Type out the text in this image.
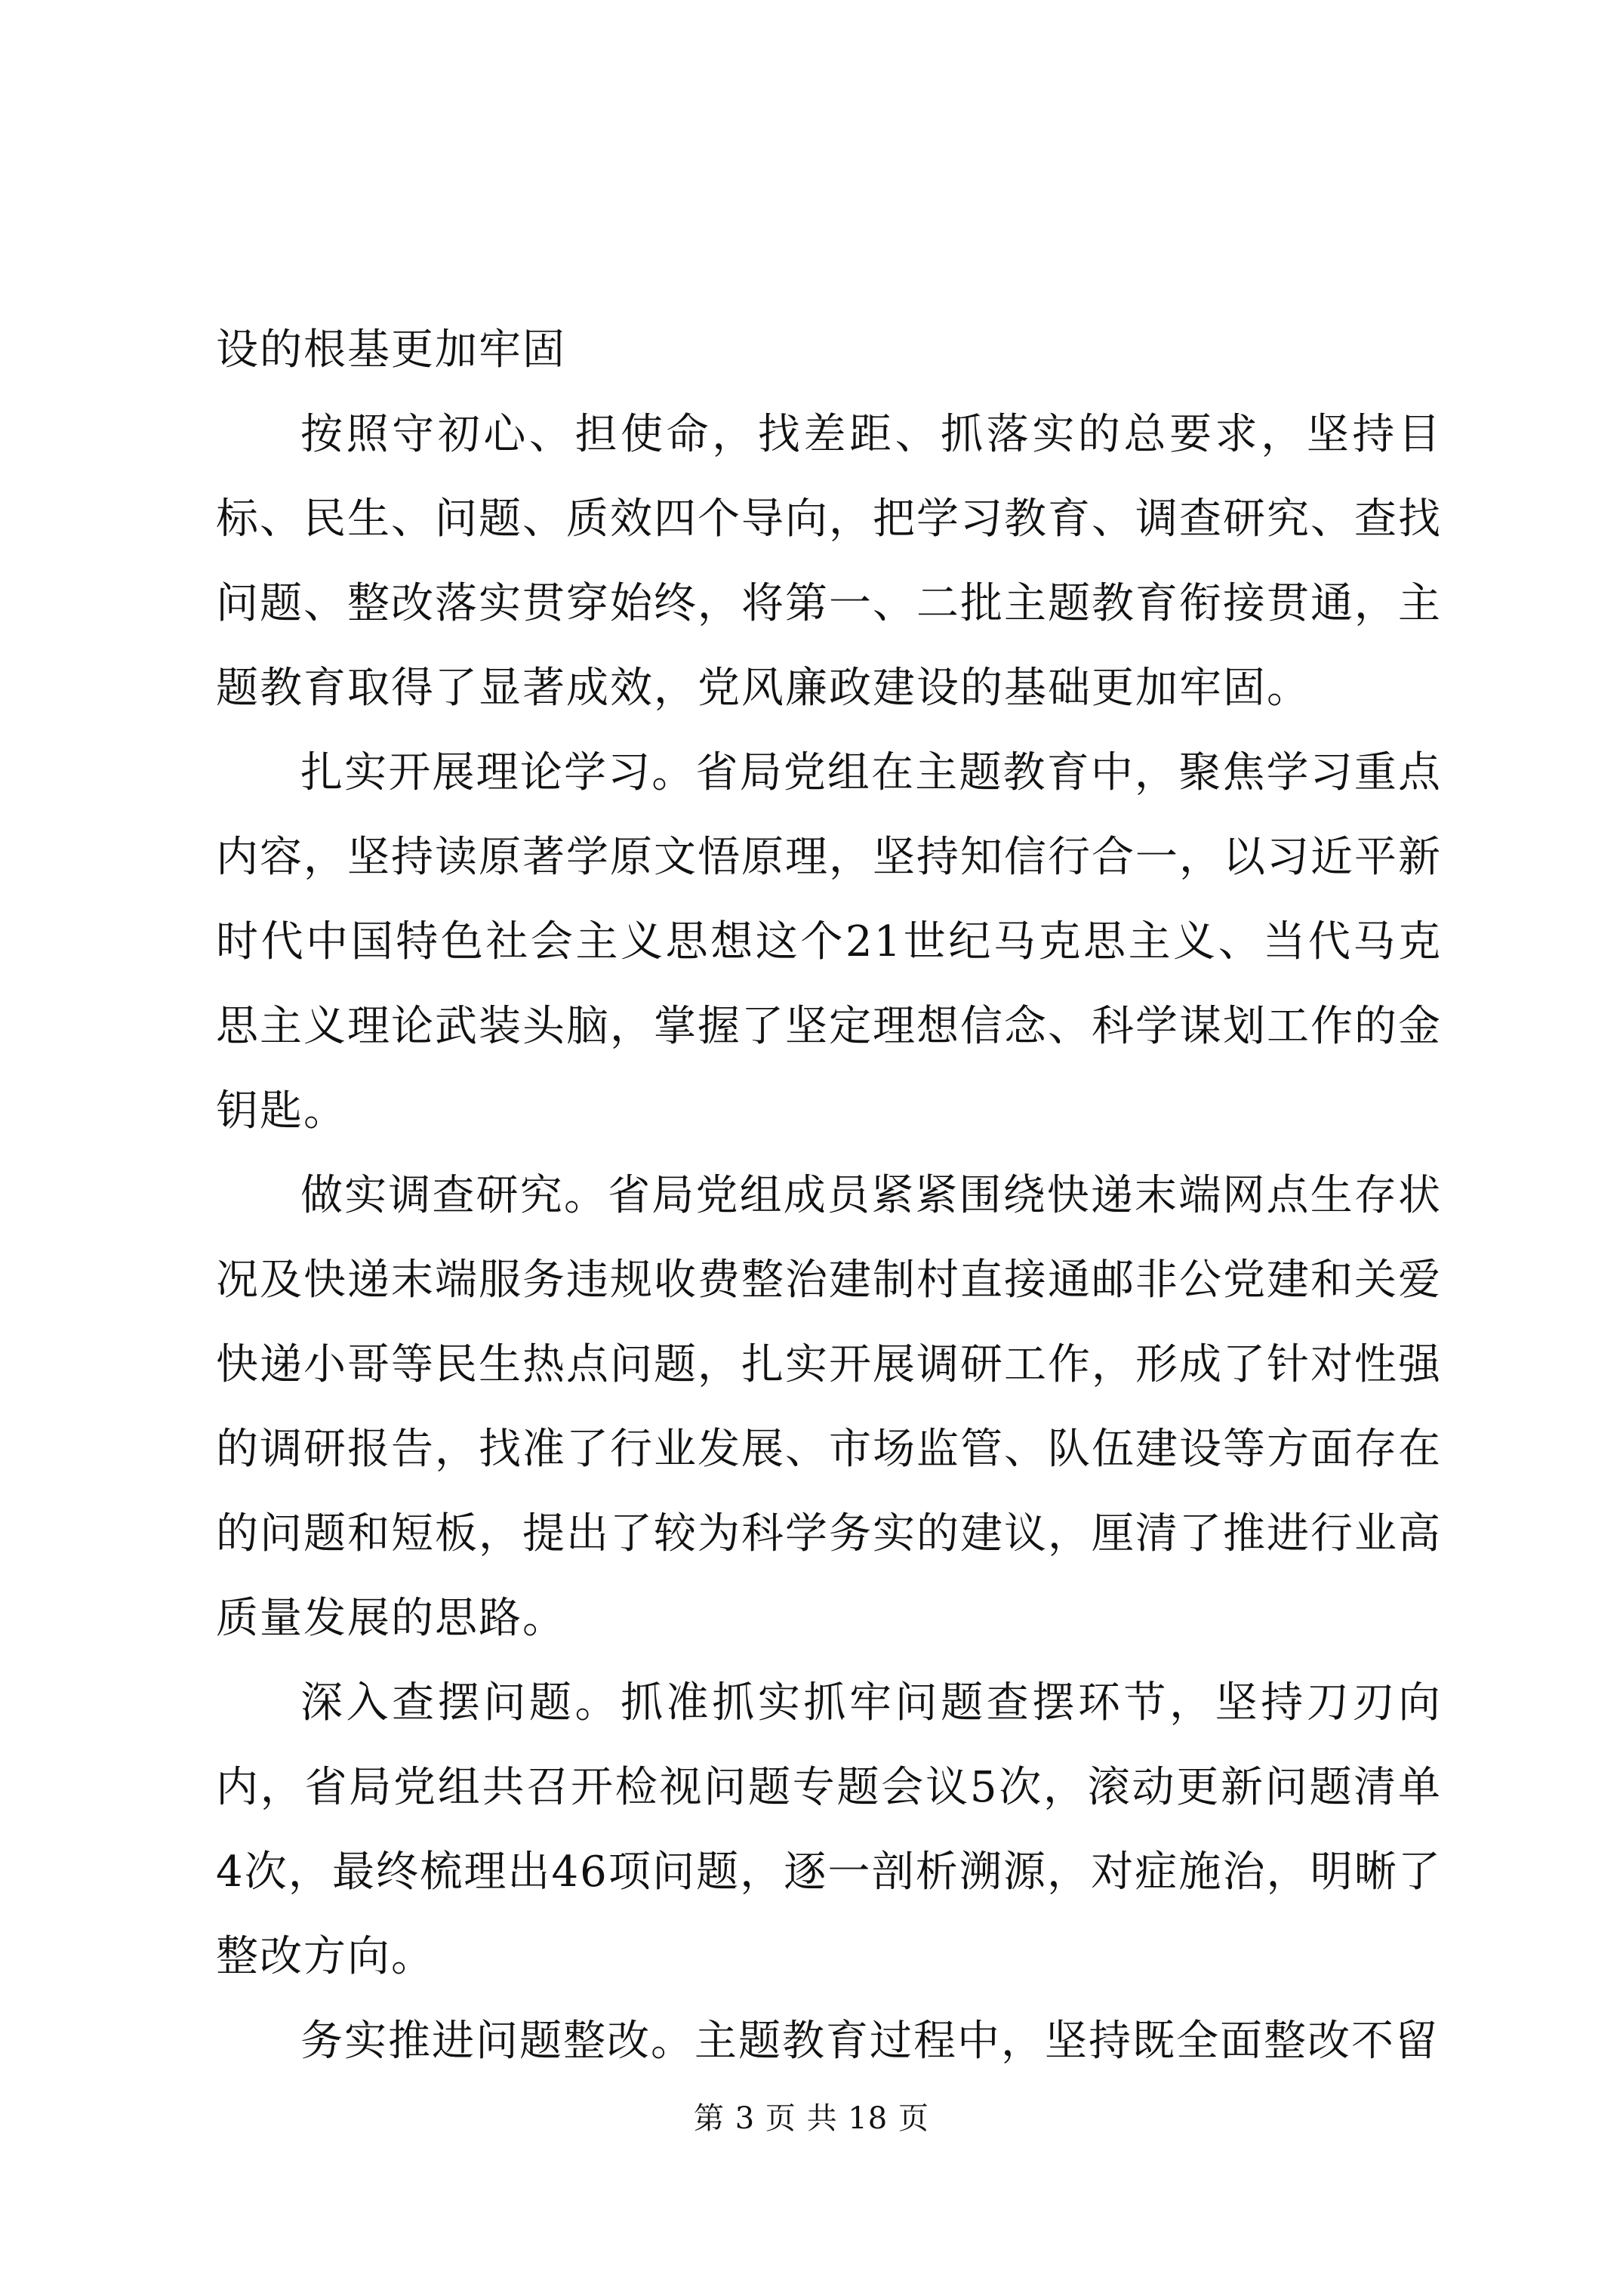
设的根基更加牢固

按照守初心、担使命，找差距、抓落实的总要求，坚持目标、民生、问题、质效四个导向，把学习教育、调查研究、查找问题、整改落实贯穿始终，将第一、二批主题教育衔接贯通，主题教育取得了显著成效，党风廉政建设的基础更加牢固。

扎实开展理论学习。省局党组在主题教育中，聚焦学习重点内容，坚持读原著学原文悟原理，坚持知信行合一，以习近平新时代中国特色社会主义思想这个21世纪马克思主义、当代马克思主义理论武装头脑，掌握了坚定理想信念、科学谋划工作的金钥匙。

做实调查研究。省局党组成员紧紧围绕快递末端网点生存状况及快递末端服务违规收费整治建制村直接通邮非公党建和关爱快递小哥等民生热点问题，扎实开展调研工作，形成了针对性强的调研报告，找准了行业发展、市场监管、队伍建设等方面存在的问题和短板，提出了较为科学务实的建议，厘清了推进行业高质量发展的思路。

深入查摆问题。抓准抓实抓牢问题查摆环节，坚持刀刃向内，省局党组共召开检视问题专题会议5次，滚动更新问题清单4次，最终梳理出46项问题，逐一剖析溯源，对症施治，明晰了整改方向。

务实推进问题整改。主题教育过程中，坚持既全面整改不留

第 3 页 共 18 页
